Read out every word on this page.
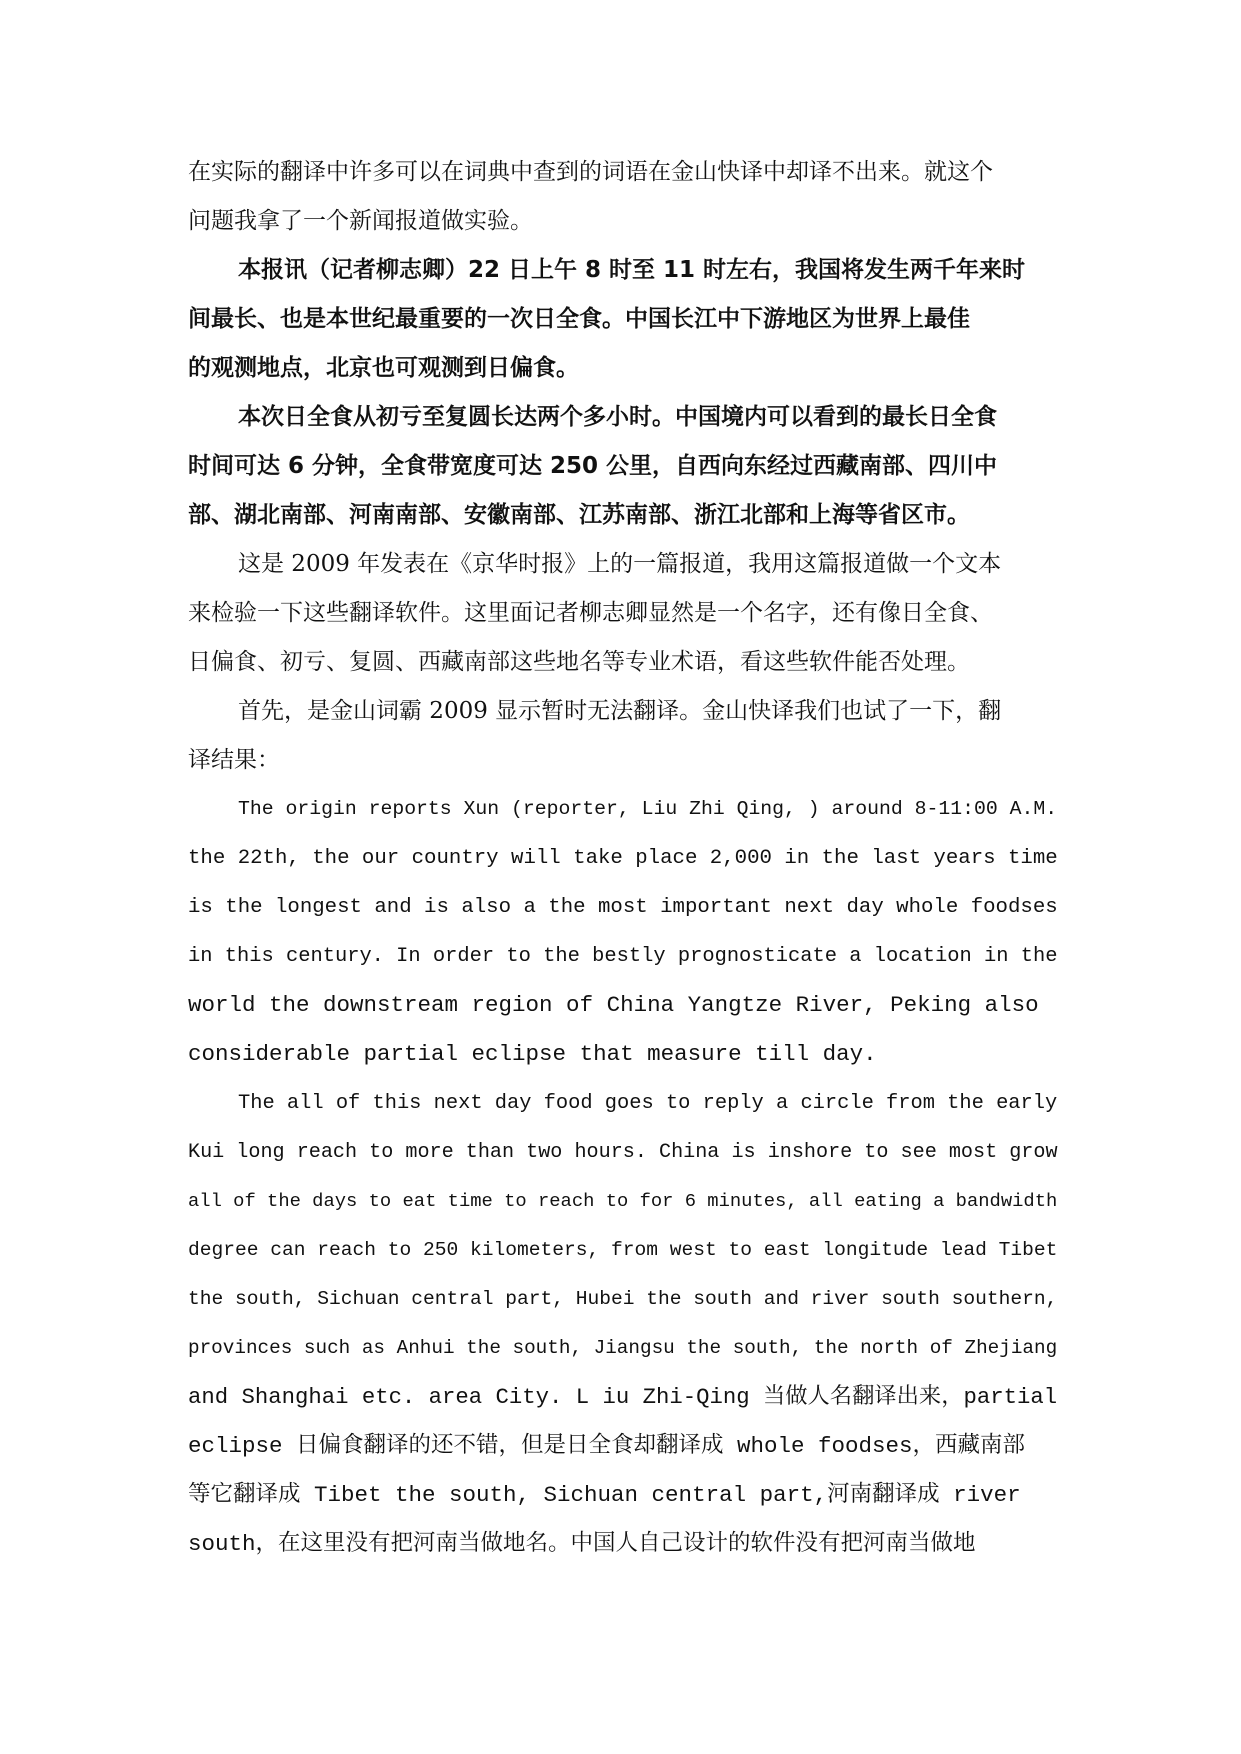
在实际的翻译中许多可以在词典中查到的词语在金山快译中却译不出来。就这个
问题我拿了一个新闻报道做实验。
本报讯（记者柳志卿）22 日上午 8 时至 11 时左右，我国将发生两千年来时
间最长、也是本世纪最重要的一次日全食。中国长江中下游地区为世界上最佳
的观测地点，北京也可观测到日偏食。
本次日全食从初亏至复圆长达两个多小时。中国境内可以看到的最长日全食
时间可达 6 分钟，全食带宽度可达 250 公里，自西向东经过西藏南部、四川中
部、湖北南部、河南南部、安徽南部、江苏南部、浙江北部和上海等省区市。
这是 2009 年发表在《京华时报》上的一篇报道，我用这篇报道做一个文本
来检验一下这些翻译软件。这里面记者柳志卿显然是一个名字，还有像日全食、
日偏食、初亏、复圆、西藏南部这些地名等专业术语，看这些软件能否处理。
首先，是金山词霸 2009 显示暂时无法翻译。金山快译我们也试了一下，翻
译结果：
The origin reports Xun (reporter, Liu Zhi Qing, ) around 8-11:00 A.M.
the 22th, the our country will take place 2,000 in the last years time
is the longest and is also a the most important next day whole foodses
in this century. In order to the bestly prognosticate a location in the
world the downstream region of China Yangtze River, Peking also
considerable partial eclipse that measure till day.
The all of this next day food goes to reply a circle from the early
Kui long reach to more than two hours. China is inshore to see most grow
all of the days to eat time to reach to for 6 minutes, all eating a bandwidth
degree can reach to 250 kilometers, from west to east longitude lead Tibet
the south, Sichuan central part, Hubei the south and river south southern,
provinces such as Anhui the south, Jiangsu the south, the north of Zhejiang
and Shanghai etc. area City. L iu Zhi-Qing 当做人名翻译出来，partial
eclipse 日偏食翻译的还不错，但是日全食却翻译成 whole foodses，西藏南部
等它翻译成 Tibet the south, Sichuan central part,河南翻译成 river
south，在这里没有把河南当做地名。中国人自己设计的软件没有把河南当做地
